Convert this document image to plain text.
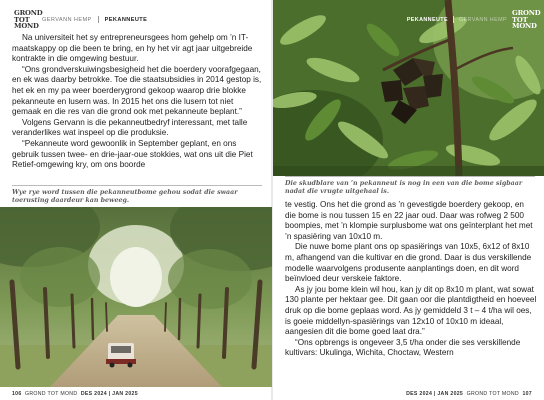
GROND TOT MOND
GERVANN HEMP PEKANNEUTE

Na universiteit het sy entrepreneursgees hom gehelp om ’n IT-maatskappy op die been te bring, en hy het vir agt jaar uitgebreide kontrakte in die omgewing bestuur.

“Ons grondverskuiwingsbesigheid het die boerdery voorafgegaan, en ek was daarby betrokke. Toe die staatsubsidies in 2014 gestop is, het ek en my pa weer boerderygrond gekoop waarop drie blokke pekanneute en lusern was. In 2015 het ons die lusern tot niet gemaak en die res van die grond ook met pekanneute beplant.”

Volgens Gervann is die pekanneutbedryf interessant, met talle veranderlikes wat inspeel op die produksie.

“Pekanneute word gewoonlik in September geplant, en ons gebruik tussen twee- en drie-jaar-oue stokkies, wat ons uit die Piet Retief-omgewing kry, om ons boorde

Wye rye word tussen die pekanneutbome gehou sodat die swaar toerusting daardeur kan beweeg.
106 GROND TOT MOND DES 2024 | JAN 2025
PEKANNEUTE GERVANN HEMP
GROND TOT MOND
Die skudblare van ’n pekanneut is nog in een van die bome sigbaar nadat die vrugte uitgehaal is.

te vestig. Ons het die grond as ’n gevestigde boerdery gekoop, en die bome is nou tussen 15 en 22 jaar oud. Daar was rofweg 2 500 boompies, met ’n klompie surplusbome wat ons geïnterplant het met ’n spasiëring van 10x10 m.

Die nuwe bome plant ons op spasiërings van 10x5, 6x12 of 8x10 m, afhangend van die kultivar en die grond. Daar is dus verskillende modelle waarvolgens produsente aanplantings doen, en dit word beïnvloed deur verskeie faktore.

As jy jou bome klein wil hou, kan jy dit op 8x10 m plant, wat sowat 130 plante per hektaar gee. Dit gaan oor die plantdigtheid en hoeveel druk op die bome geplaas word. As jy gemiddeld 3 t – 4 t/ha wil oes, is goeie middellyn-spasiërings van 12x10 of 10x10 m ideaal, aangesien dit die bome goed laat dra.”

“Ons opbrengs is ongeveer 3,5 t/ha onder die ses verskillende kultivars: Ukulinga, Wichita, Choctaw, Western

DES 2024 | JAN 2025 GROND TOT MOND 107
